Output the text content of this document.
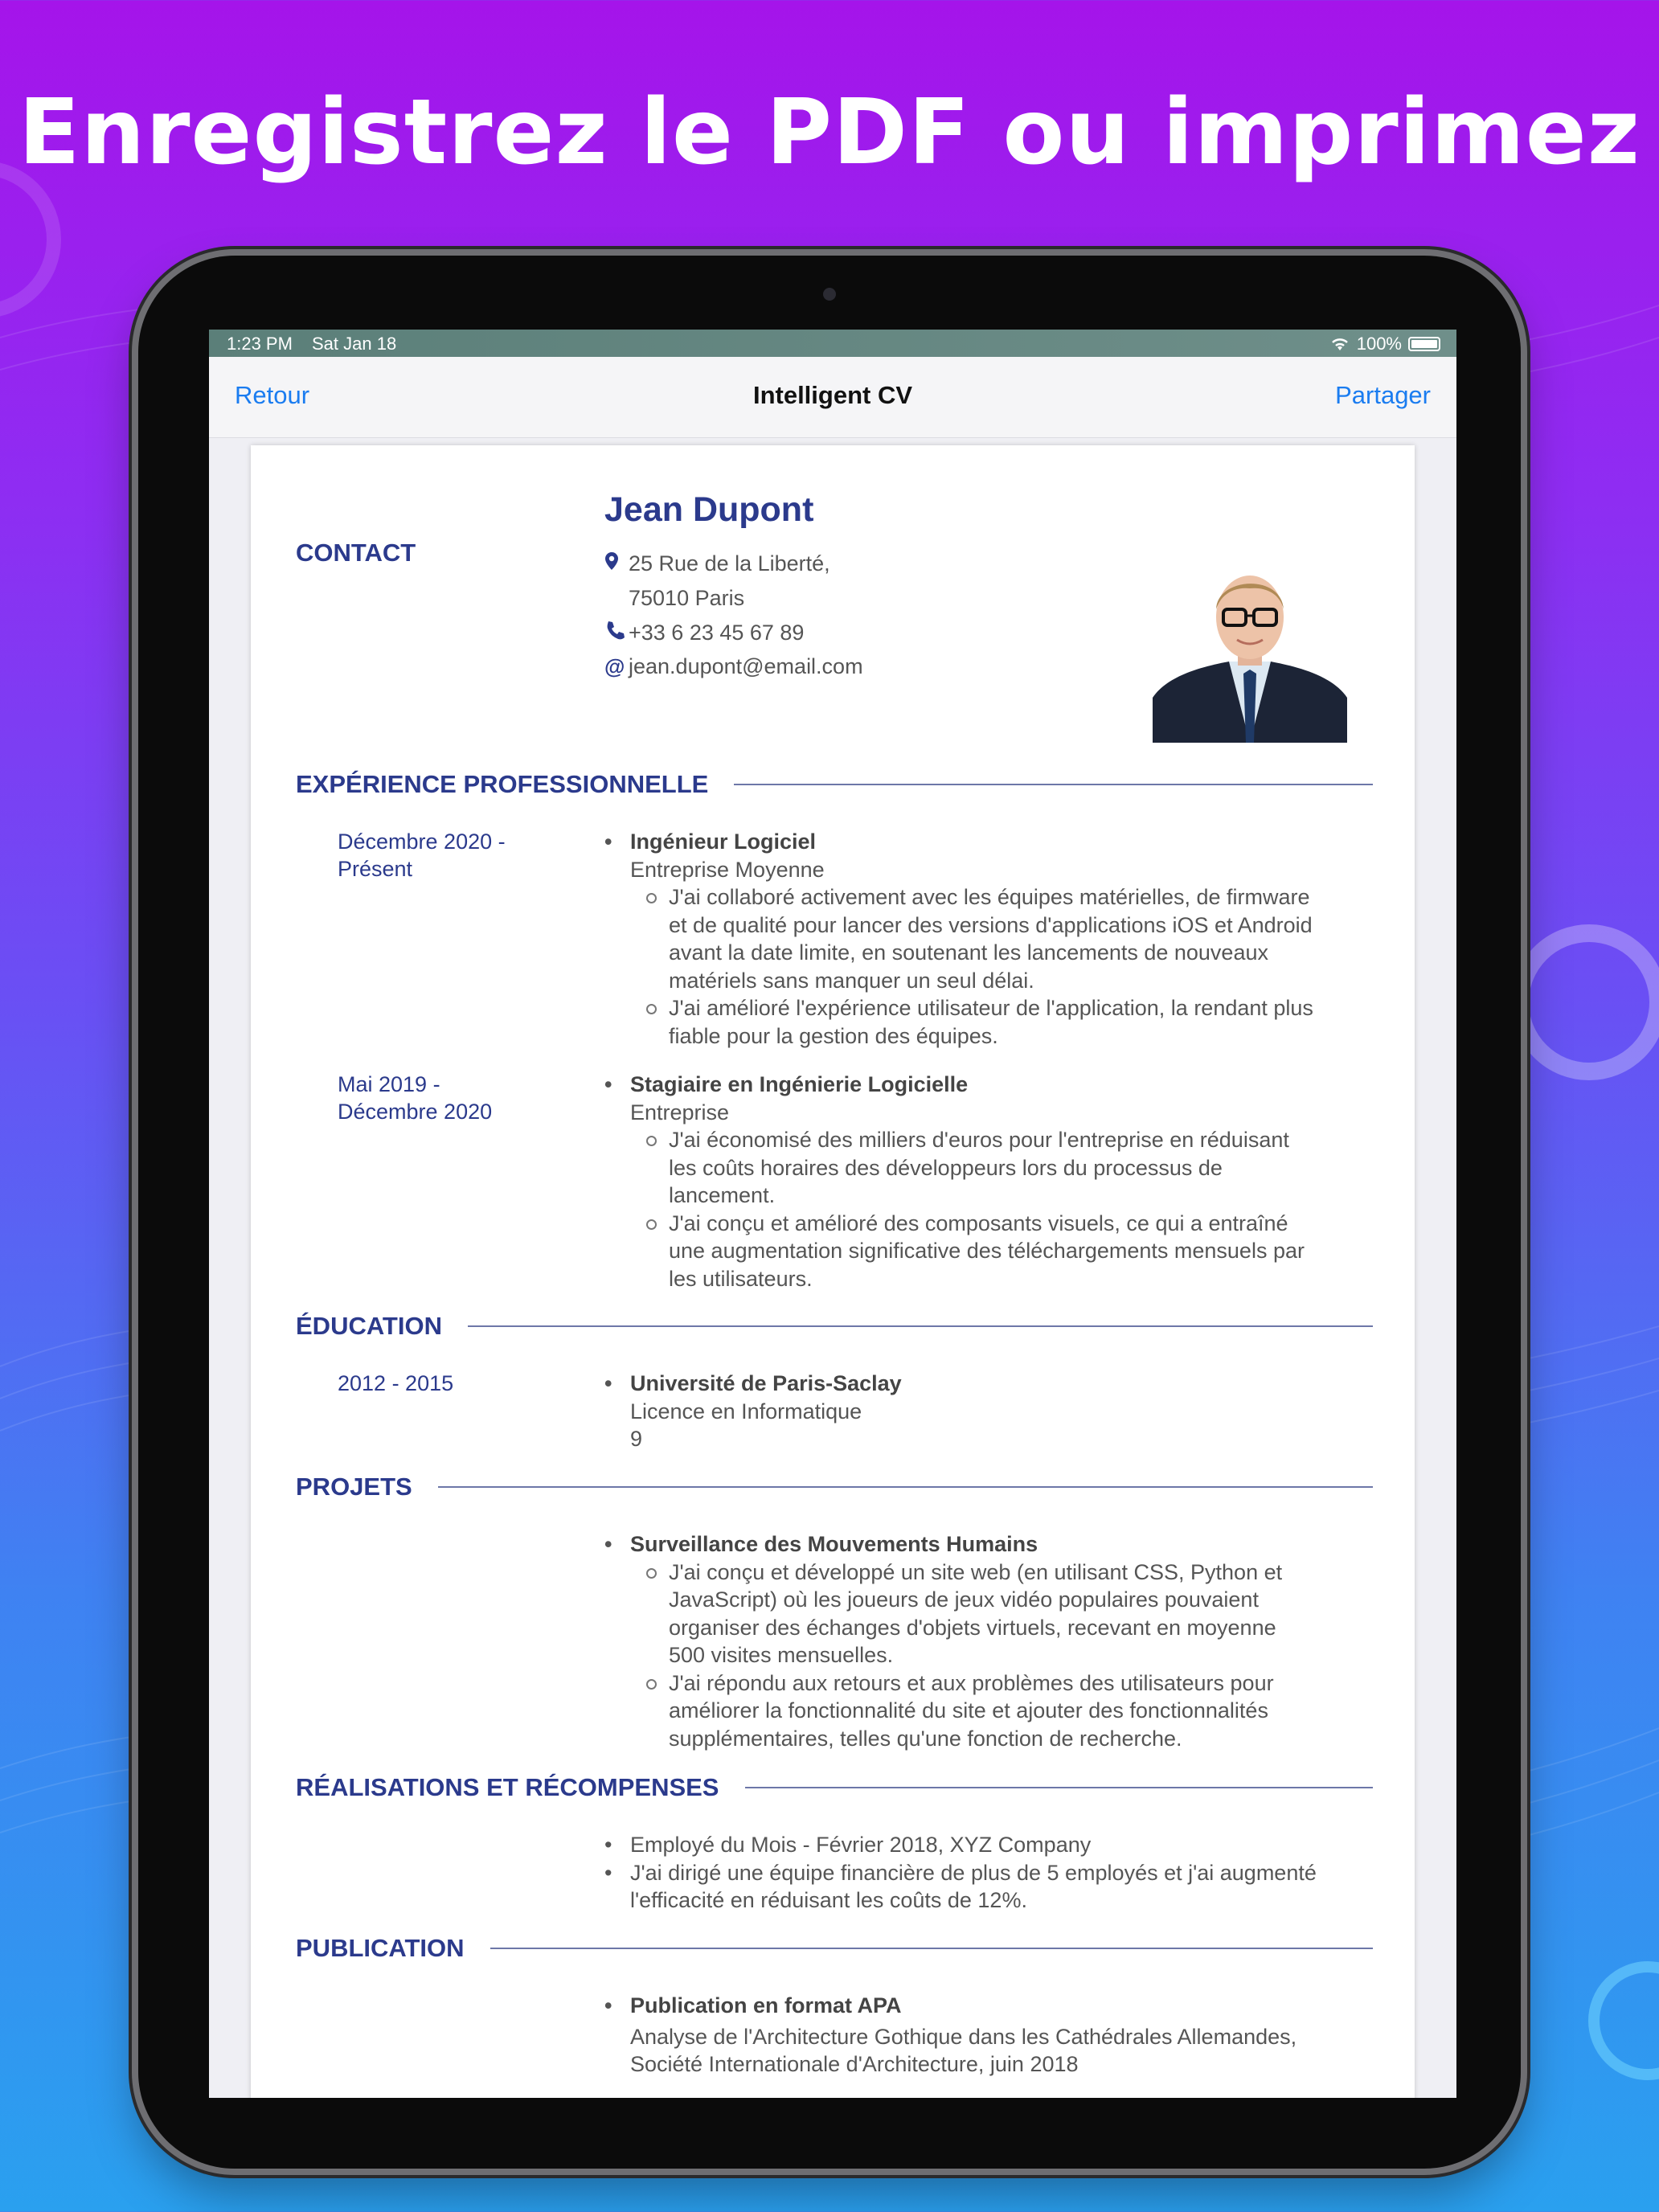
Enregistrez le PDF ou imprimez
1:23 PM Sat Jan 18	100%
Retour	Intelligent CV	Partager
CONTACT
Jean Dupont
25 Rue de la Liberté,
75010 Paris
+33 6 23 45 67 89
@ jean.dupont@email.com
EXPÉRIENCE PROFESSIONNELLE
Décembre 2020 -
Présent
• Ingénieur Logiciel
Entreprise Moyenne
J'ai collaboré activement avec les équipes matérielles, de firmware
et de qualité pour lancer des versions d'applications iOS et Android
avant la date limite, en soutenant les lancements de nouveaux
matériels sans manquer un seul délai.
J'ai amélioré l'expérience utilisateur de l'application, la rendant plus
fiable pour la gestion des équipes.
Mai 2019 -
Décembre 2020
• Stagiaire en Ingénierie Logicielle
Entreprise
J'ai économisé des milliers d'euros pour l'entreprise en réduisant
les coûts horaires des développeurs lors du processus de
lancement.
J'ai conçu et amélioré des composants visuels, ce qui a entraîné
une augmentation significative des téléchargements mensuels par
les utilisateurs.
ÉDUCATION
2012 - 2015
•	Université de Paris-Saclay
Licence en Informatique
9
PROJETS
• Surveillance des Mouvements Humains
J'ai conçu et développé un site web (en utilisant CSS, Python et
JavaScript) où les joueurs de jeux vidéo populaires pouvaient
organiser des échanges d'objets virtuels, recevant en moyenne
500 visites mensuelles.
J'ai répondu aux retours et aux problèmes des utilisateurs pour
améliorer la fonctionnalité du site et ajouter des fonctionnalités
supplémentaires, telles qu'une fonction de recherche.
RÉALISATIONS ET RÉCOMPENSES
• Employé du Mois - Février 2018, XYZ Company
• J'ai dirigé une équipe financière de plus de 5 employés et j'ai augmenté
l'efficacité en réduisant les coûts de 12%.
PUBLICATION
• Publication en format APA
Analyse de l'Architecture Gothique dans les Cathédrales Allemandes,
Société Internationale d'Architecture, juin 2018
